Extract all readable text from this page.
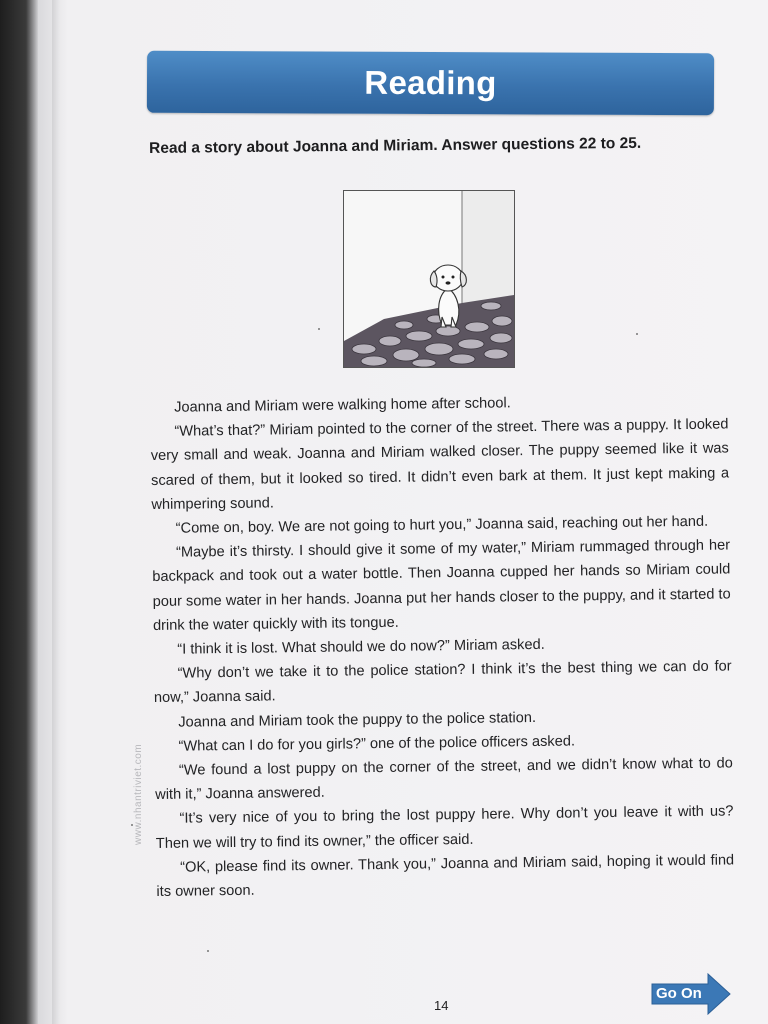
Reading
Read a story about Joanna and Miriam. Answer questions 22 to 25.

Joanna and Miriam were walking home after school.

“What’s that?” Miriam pointed to the corner of the street. There was a puppy. It looked very small and weak. Joanna and Miriam walked closer. The puppy seemed like it was scared of them, but it looked so tired. It didn’t even bark at them. It just kept making a whimpering sound.

“Come on, boy. We are not going to hurt you,” Joanna said, reaching out her hand.

“Maybe it’s thirsty. I should give it some of my water,” Miriam rummaged through her backpack and took out a water bottle. Then Joanna cupped her hands so Miriam could pour some water in her hands. Joanna put her hands closer to the puppy, and it started to drink the water quickly with its tongue.

“I think it is lost. What should we do now?” Miriam asked.

“Why don’t we take it to the police station? I think it’s the best thing we can do for now,” Joanna said.

Joanna and Miriam took the puppy to the police station.

“What can I do for you girls?” one of the police officers asked.

“We found a lost puppy on the corner of the street, and we didn’t know what to do with it,” Joanna answered.

“It’s very nice of you to bring the lost puppy here. Why don’t you leave it with us? Then we will try to find its owner,” the officer said.

“OK, please find its owner. Thank you,” Joanna and Miriam said, hoping it would find its owner soon.

www.nhantriviet.com
14
Go On
